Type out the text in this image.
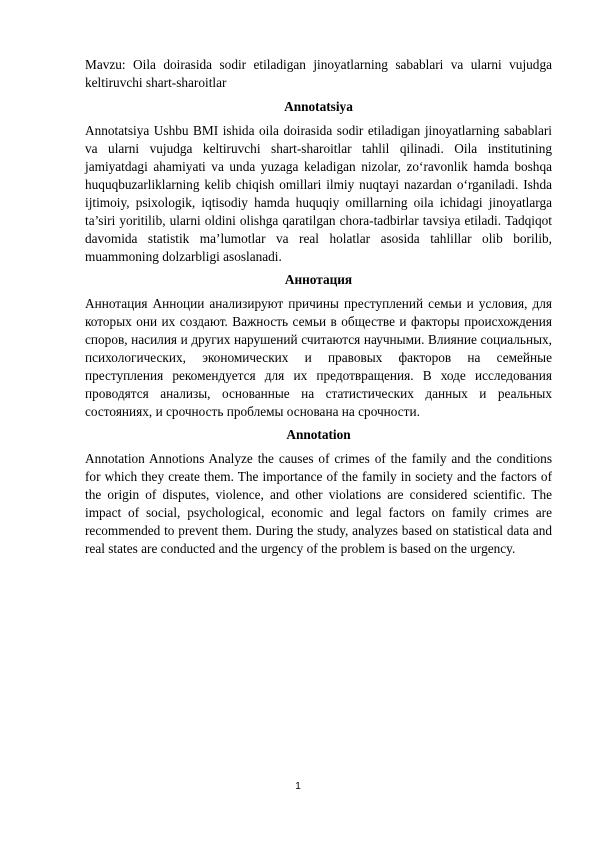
Mavzu: Oila doirasida sodir etiladigan jinoyatlarning sabablari va ularni vujudga keltiruvchi shart-sharoitlar

Annotatsiya

Annotatsiya Ushbu BMI ishida oila doirasida sodir etiladigan jinoyatlarning sabablari va ularni vujudga keltiruvchi shart-sharoitlar tahlil qilinadi. Oila institutining jamiyatdagi ahamiyati va unda yuzaga keladigan nizolar, zo‘ravonlik hamda boshqa huquqbuzarliklarning kelib chiqish omillari ilmiy nuqtayi nazardan o‘rganiladi. Ishda ijtimoiy, psixologik, iqtisodiy hamda huquqiy omillarning oila ichidagi jinoyatlarga ta’siri yoritilib, ularni oldini olishga qaratilgan chora-tadbirlar tavsiya etiladi. Tadqiqot davomida statistik ma’lumotlar va real holatlar asosida tahlillar olib borilib, muammoning dolzarbligi asoslanadi.

Аннотация

Аннотация Анноции анализируют причины преступлений семьи и условия, для которых они их создают. Важность семьи в обществе и факторы происхождения споров, насилия и других нарушений считаются научными. Влияние социальных, психологических, экономических и правовых факторов на семейные преступления рекомендуется для их предотвращения. В ходе исследования проводятся анализы, основанные на статистических данных и реальных состояниях, и срочность проблемы основана на срочности.

Annotation

Annotation Annotions Analyze the causes of crimes of the family and the conditions for which they create them. The importance of the family in society and the factors of the origin of disputes, violence, and other violations are considered scientific. The impact of social, psychological, economic and legal factors on family crimes are recommended to prevent them. During the study, analyzes based on statistical data and real states are conducted and the urgency of the problem is based on the urgency.

1
